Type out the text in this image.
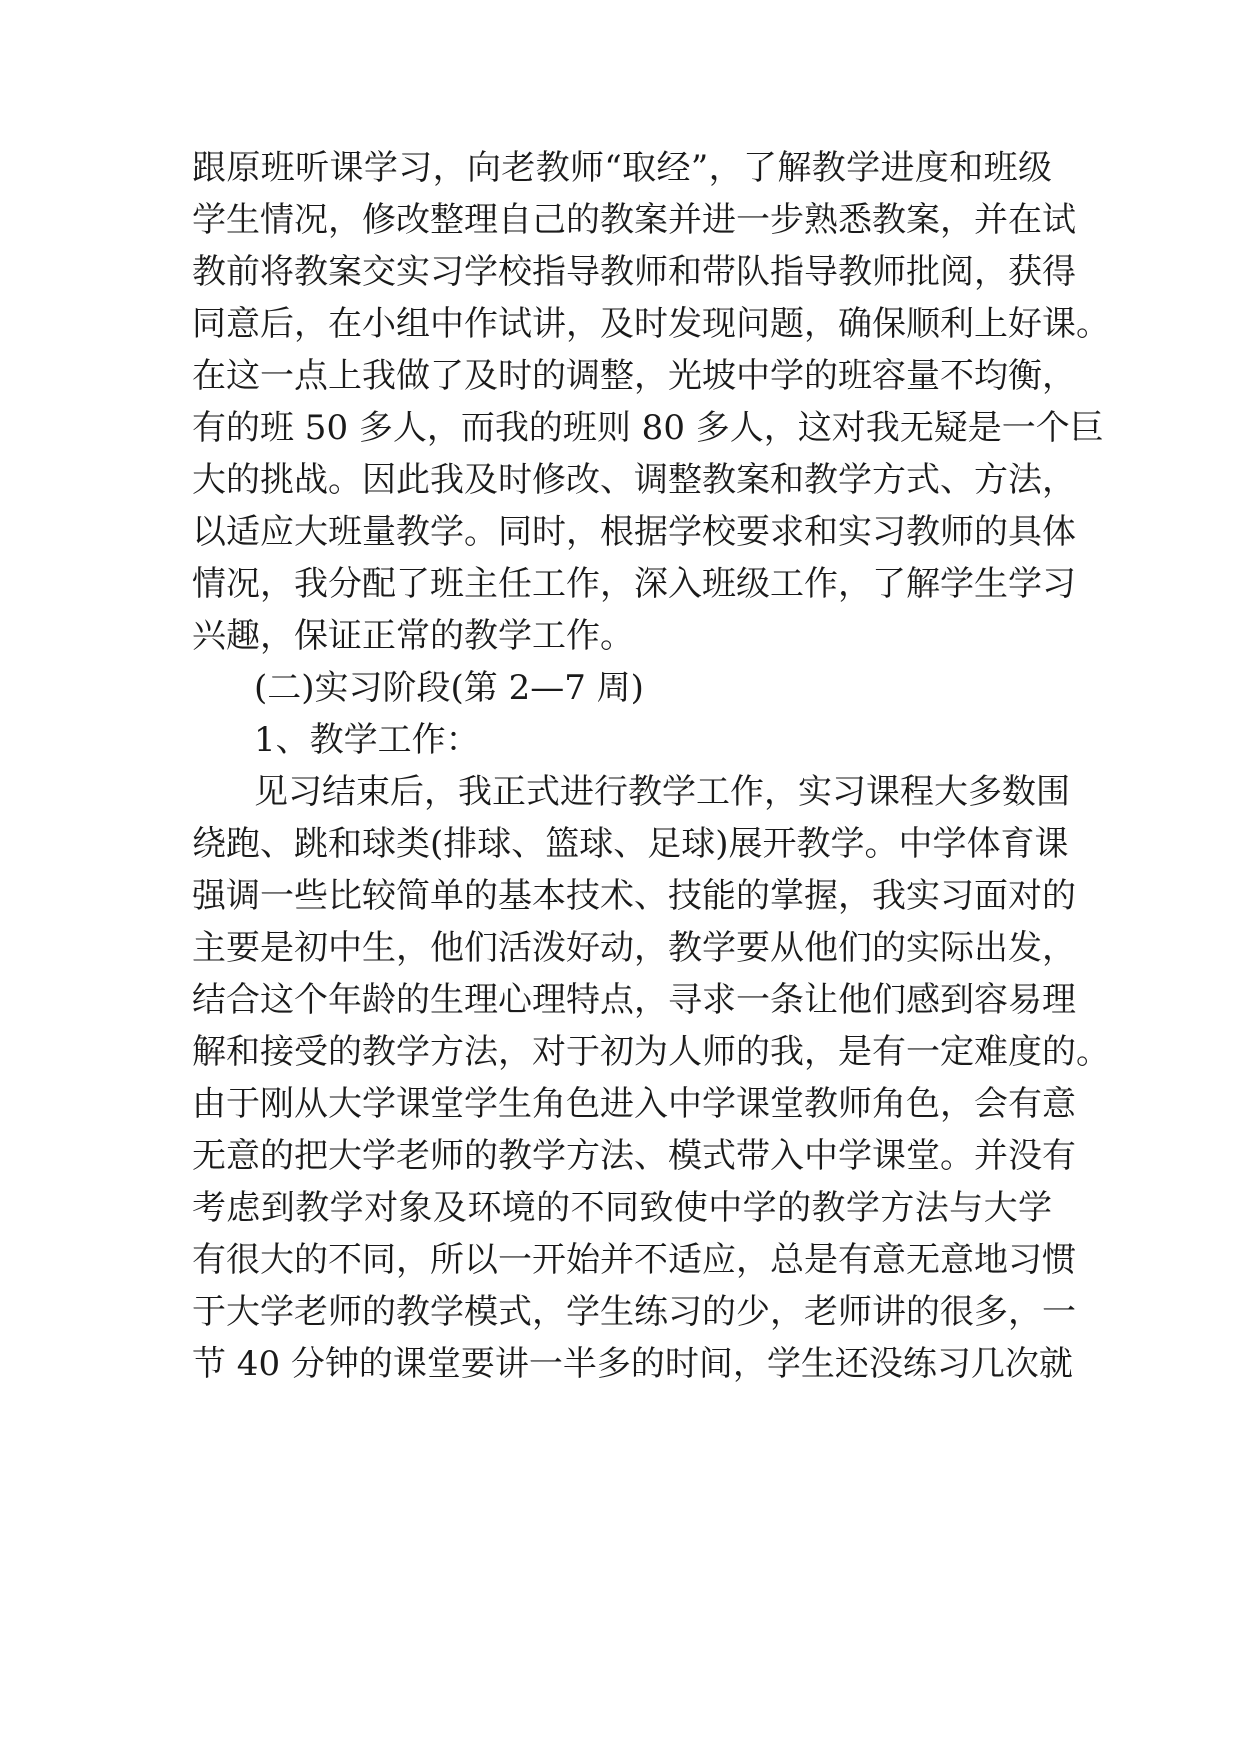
跟原班听课学习，向老教师“取经”，了解教学进度和班级
学生情况，修改整理自己的教案并进一步熟悉教案，并在试
教前将教案交实习学校指导教师和带队指导教师批阅，获得
同意后，在小组中作试讲，及时发现问题，确保顺利上好课。
在这一点上我做了及时的调整，光坡中学的班容量不均衡，
有的班 50 多人，而我的班则 80 多人，这对我无疑是一个巨
大的挑战。因此我及时修改、调整教案和教学方式、方法，
以适应大班量教学。同时，根据学校要求和实习教师的具体
情况，我分配了班主任工作，深入班级工作，了解学生学习
兴趣，保证正常的教学工作。
(二)实习阶段(第 2—7 周)
1、教学工作：
见习结束后，我正式进行教学工作，实习课程大多数围
绕跑、跳和球类(排球、篮球、足球)展开教学。中学体育课
强调一些比较简单的基本技术、技能的掌握，我实习面对的
主要是初中生，他们活泼好动，教学要从他们的实际出发，
结合这个年龄的生理心理特点，寻求一条让他们感到容易理
解和接受的教学方法，对于初为人师的我，是有一定难度的。
由于刚从大学课堂学生角色进入中学课堂教师角色，会有意
无意的把大学老师的教学方法、模式带入中学课堂。并没有
考虑到教学对象及环境的不同致使中学的教学方法与大学
有很大的不同，所以一开始并不适应，总是有意无意地习惯
于大学老师的教学模式，学生练习的少，老师讲的很多，一
节 40 分钟的课堂要讲一半多的时间，学生还没练习几次就
